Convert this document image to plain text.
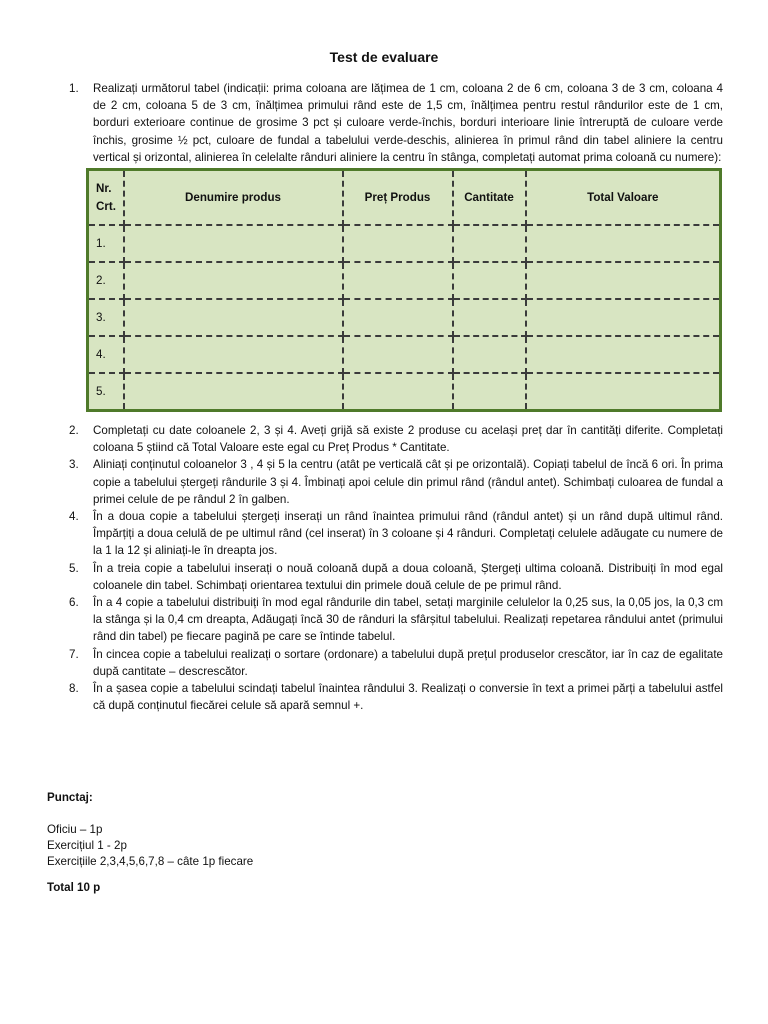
Test de evaluare
1. Realizați următorul tabel (indicații: prima coloana are lățimea de 1 cm, coloana 2 de 6 cm, coloana 3 de 3 cm, coloana 4 de 2 cm, coloana 5 de 3 cm, înălțimea primului rând este de 1,5 cm, înălțimea pentru restul rândurilor este de 1 cm, borduri exterioare continue de grosime 3 pct și culoare verde-închis, borduri interioare linie întreruptă de culoare verde închis, grosime ½ pct, culoare de fundal a tabelului verde-deschis, alinierea în primul rând din tabel aliniere la centru vertical și orizontal, alinierea în celelalte rânduri aliniere la centru în stânga, completați automat prima coloană cu numere):
Nr. Crt.	Denumire produs	Preț Produs	Cantitate	Total Valoare
1.				
2.				
3.				
4.				
5.				
2. Completați cu date coloanele 2, 3 și 4. Aveți grijă să existe 2 produse cu același preț dar în cantități diferite. Completați coloana 5 știind că Total Valoare este egal cu Preț Produs * Cantitate.
3. Aliniați conținutul coloanelor 3 , 4 și 5 la centru (atât pe verticală cât și pe orizontală). Copiați tabelul de încă 6 ori. În prima copie a tabelului ștergeți rândurile 3 și 4. Îmbinați apoi celule din primul rând (rândul antet). Schimbați culoarea de fundal a primei celule de pe rândul 2 în galben.
4. În a doua copie a tabelului ștergeți inserați un rând înaintea primului rând (rândul antet) și un rând după ultimul rând. Împărțiți a doua celulă de pe ultimul rând (cel inserat) în 3 coloane și 4 rânduri. Completați celulele adăugate cu numere de la 1 la 12 și aliniați-le în dreapta jos.
5. În a treia copie a tabelului inserați o nouă coloană după a doua coloană, Ștergeți ultima coloană. Distribuiți în mod egal coloanele din tabel. Schimbați orientarea textului din primele două celule de pe primul rând.
6. În a 4 copie a tabelului distribuiți în mod egal rândurile din tabel, setați marginile celulelor la 0,25 sus, la 0,05 jos, la 0,3 cm la stânga și la 0,4 cm dreapta, Adăugați încă 30 de rânduri la sfârșitul tabelului. Realizați repetarea rândului antet (primului rând din tabel) pe fiecare pagină pe care se întinde tabelul.
7. În cincea copie a tabelului realizați o sortare (ordonare) a tabelului după prețul produselor crescător, iar în caz de egalitate după cantitate – descrescător.
8. În a șasea copie a tabelului scindați tabelul înaintea rândului 3. Realizați o conversie în text a primei părți a tabelului astfel că după conținutul fiecărei celule să apară semnul +.
Punctaj:
Oficiu – 1p
Exercițiul 1 - 2p
Exercițiile 2,3,4,5,6,7,8 – câte 1p fiecare
Total 10 p
